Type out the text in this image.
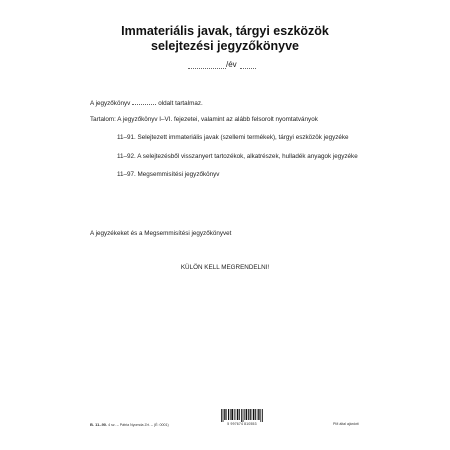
Immateriális javak, tárgyi eszközök
selejtezési jegyzőkönyve
/év
A jegyzőkönyv	oldalt tartalmaz.
Tartalom: A jegyzőkönyv I–VI. fejezetei, valamint az alább felsorolt nyomtatványok
11–91. Selejtezett immateriális javak (szellemi termékek), tárgyi eszközök jegyzéke
11–92. A selejtezésből visszanyert tartozékok, alkatrészek, hulladék anyagok jegyzéke
11–97. Megsemmisítési jegyzőkönyv
A jegyzékeket és a Megsemmisítési jegyzőkönyvet
KÜLÖN KELL MEGRENDELNI!
B. 11–90. 4 sz. – Pátria Nyomda Zrt. – (É: 0001)	5 997674 810553	PM által ajánlott
